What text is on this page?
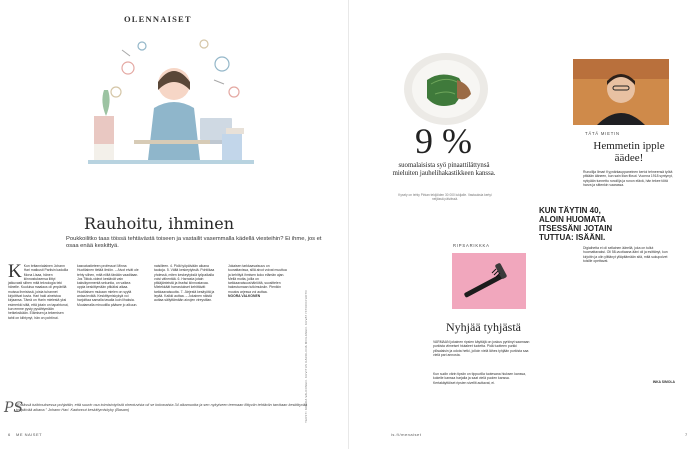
OLENNAISET
Rauhoitu, ihminen
Poukkoilitko taas töissä tehtävästä toiseen ja vastailit vasemmalla kädellä viesteihin? Ei ihme, jos et osaa enää keskittyä.

K Kun britannialainen Johann Hari matkusti Pariisin kaduilla Mona Lisaa, hänen kiinnostuksensa liittyi jatkuvasti siihen mitä teknologia teki hänelle. Kuuluisa maalaus oli ympärillä muissa ihmisissä, joista tuhannet kirjoittivat kuvia. Hari haki aineistoa kirjaansa. Tämä on Harin mielestä yksi esimerkki siitä, että jotain on tapahtunut, kun emme pysty pysähtymään hetkeksikään. Elämisen ja tekemisen tahti on kiihtynyt, hän on pohtinut.

kasvatustieteen professori Minna Huotilainen tietää ilmiön. – Aivot eivät ole tehty siihen, mitä niiltä tänään vaaditaan. Jos Tiktok-videot kestävät vain kaksikymmentä sekuntia, on vaikea oppia keskittymään pitkäksi aikaa. Huotilaisen mukaan mielen on syytä antaa levätä. Keskittymiskykyä voi harjoittaa samalla tavalla kuin lihaksia. Muutamalla minuutilla pääsee jo alkuun.

naisilleen. 4. Pidä työpäivään aikana taukoja. 5. Vältä keskeytyksiä. Pohtiikaa yhdessä, miten keskeytyksiä työpaikalla voisi vähentää. 6. Harrasta jotain pitkäjänteistä ja itseäsi kiinnostavaa. Mielekkäät harrastukset kehittävät tarkkaavaisuutta. 7. Järjestä kesäyötä ja lepää. Kaikki auttaa. – Jokainen näistä auttaa säilyttämään aivojen vireystilan.

Jokaisen tarkkaavaisuus on tuunattavissa, sillä aivot voivat muuttua ja kehittyä ihmisen koko elämän ajan. Mellä mutta, joilla on tarkkaavaisuushäiriöitä, suosittelen hakeutumaan tutkimuksiin. Pienikin muutos arjessa voi auttaa.

NOORA VALKONEN	TEKSTI NOORA VALKONEN. KUVITUS KAROLIINA MOILANEN. KUVAT ISTOCKPHOTO
PS
”Eräässä tutkimuksessa pohjattiin, että suurin osa toimistotyöstä ohentuvista oli se kokonaista 34 aikamuotta ja sen nykyiseen teemaan liittyviin tehtäviin tarvitaan keskittyvää työpäivää aikana.” Johann Hari. Kadonnut keskittymiskyky (Basam)
6 ME NAISET
9 %
suomalaisista syö pinaattilättynsä mieluiten jauhelihakastikkeen kanssa.
Kysely on tehty Pirkan tekijöiden 30 000 lukijalle. Vastauksia kertyi neljässä päivässä.
TÄTÄ MIETIN
Hemmetin ipple äädee!
Runoilija Ilmari Kyynärkauppaneinen kertoi tehneensä työtä pitkään ääneen, kun sain liian fiksut. Vuonna 1918 syntynyt, nykyään tunnettu runoilija ja runon elävä, hän tekee töitä harva ja sittenkin vaarassa.
KUN TÄYTIN 40, ALOIN HUOMATA ITSESSÄNI JOTAIN TUTTUA: ISÄÄNI.
Digiaihetta ei oli sellainen äärellä, joka on tullut huomattavaksi. Oli 58-vuotiaana ääni oli ja esittänyt, kun kirjoitin ja olin ylittänyt ylläpitämään sitä, mitä sukupolvet toisille opettavat.
INKA SIMOLA
RIPSARIKKKA
Nyhjää tyhjästä
VARMAAN jokainen ripsien käyttäjä on joskus pyrkinyt saamaan purkista viimeiset hiutaleet tuotetta. Pidä tuotteen purkki ylösalaisin ja odota hetki, jolloin vielä lähes tyhjään purkista saa vielä pari annosta.
Kun sudin värin tipsiin on tippuvilla tuotesana hiuksen kanssa, kokeile kanssa harjalla ja saat vielä puolen kanssa. Kertakäyttöiset ripsien sivellit auttavat, ei.
is.fi/menaiset	7
